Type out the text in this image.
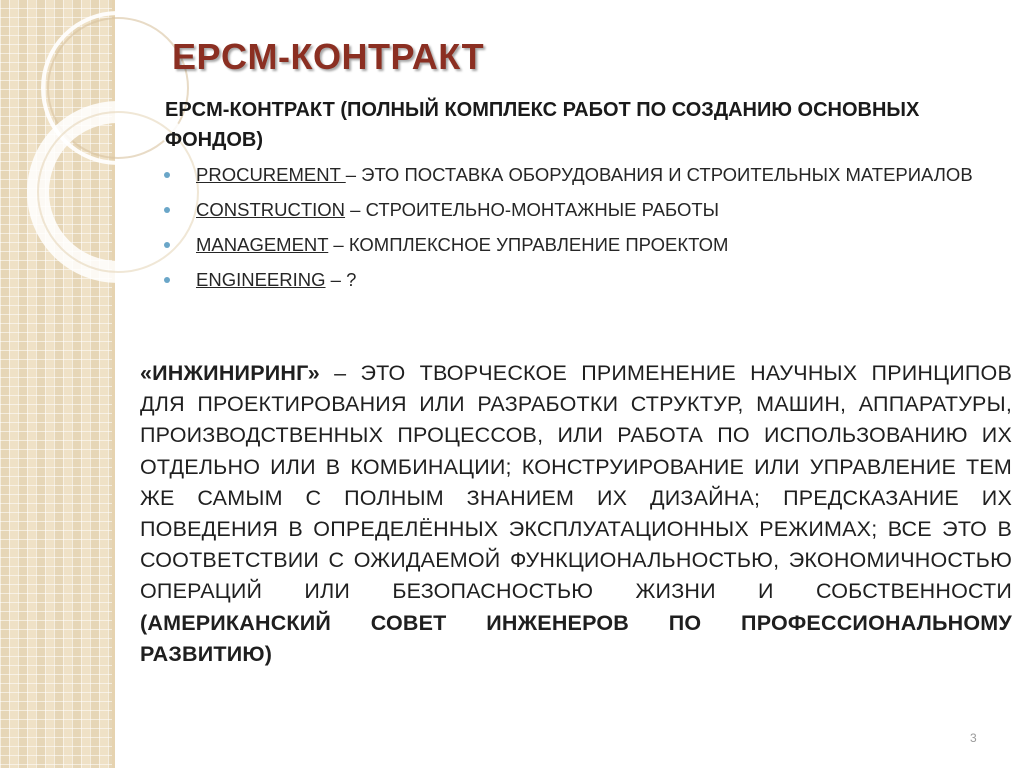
EPCM-КОНТРАКТ

EPCM-КОНТРАКТ (ПОЛНЫЙ КОМПЛЕКС РАБОТ ПО СОЗДАНИЮ ОСНОВНЫХ ФОНДОВ)

PROCUREMENT – ЭТО ПОСТАВКА ОБОРУДОВАНИЯ И СТРОИТЕЛЬНЫХ МАТЕРИАЛОВ
CONSTRUCTION – СТРОИТЕЛЬНО-МОНТАЖНЫЕ РАБОТЫ
MANAGEMENT – КОМПЛЕКСНОЕ УПРАВЛЕНИЕ ПРОЕКТОМ
ENGINEERING – ?

«ИНЖИНИРИНГ» – ЭТО ТВОРЧЕСКОЕ ПРИМЕНЕНИЕ НАУЧНЫХ ПРИНЦИПОВ ДЛЯ ПРОЕКТИРОВАНИЯ ИЛИ РАЗРАБОТКИ СТРУКТУР, МАШИН, АППАРАТУРЫ, ПРОИЗВОДСТВЕННЫХ ПРОЦЕССОВ, ИЛИ РАБОТА ПО ИСПОЛЬЗОВАНИЮ ИХ ОТДЕЛЬНО ИЛИ В КОМБИНАЦИИ; КОНСТРУИРОВАНИЕ ИЛИ УПРАВЛЕНИЕ ТЕМ ЖЕ САМЫМ С ПОЛНЫМ ЗНАНИЕМ ИХ ДИЗАЙНА; ПРЕДСКАЗАНИЕ ИХ ПОВЕДЕНИЯ В ОПРЕДЕЛЁННЫХ ЭКСПЛУАТАЦИОННЫХ РЕЖИМАХ; ВСЕ ЭТО В СООТВЕТСТВИИ С ОЖИДАЕМОЙ ФУНКЦИОНАЛЬНОСТЬЮ, ЭКОНОМИЧНОСТЬЮ ОПЕРАЦИЙ ИЛИ БЕЗОПАСНОСТЬЮ ЖИЗНИ И СОБСТВЕННОСТИ (АМЕРИКАНСКИЙ СОВЕТ ИНЖЕНЕРОВ ПО ПРОФЕССИОНАЛЬНОМУ РАЗВИТИЮ)

3
